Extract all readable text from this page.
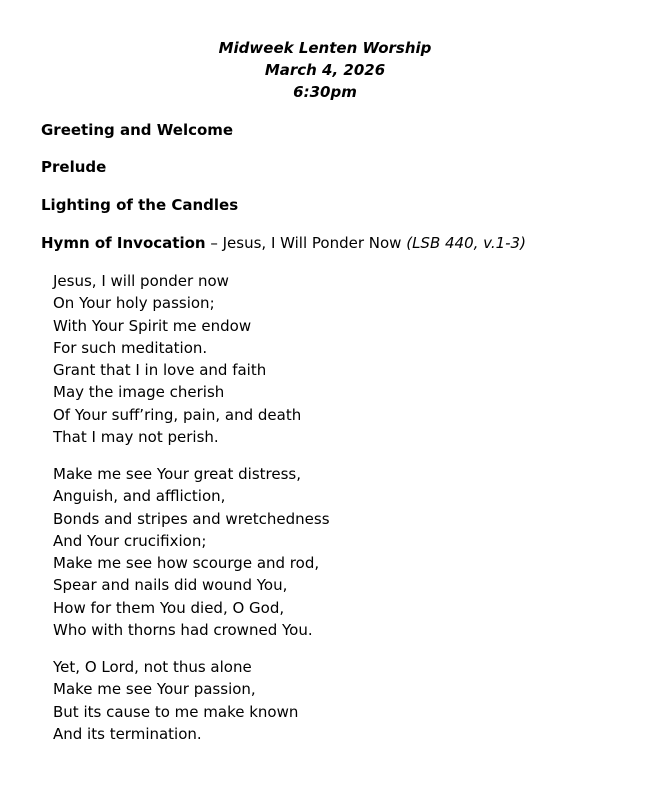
Midweek Lenten Worship
March 4, 2026
6:30pm
Greeting and Welcome
Prelude
Lighting of the Candles
Hymn of Invocation – Jesus, I Will Ponder Now (LSB 440, v.1-3)
Jesus, I will ponder now
On Your holy passion;
With Your Spirit me endow
For such meditation.
Grant that I in love and faith
May the image cherish
Of Your suff’ring, pain, and death
That I may not perish.
Make me see Your great distress,
Anguish, and affliction,
Bonds and stripes and wretchedness
And Your crucifixion;
Make me see how scourge and rod,
Spear and nails did wound You,
How for them You died, O God,
Who with thorns had crowned You.
Yet, O Lord, not thus alone
Make me see Your passion,
But its cause to me make known
And its termination.
